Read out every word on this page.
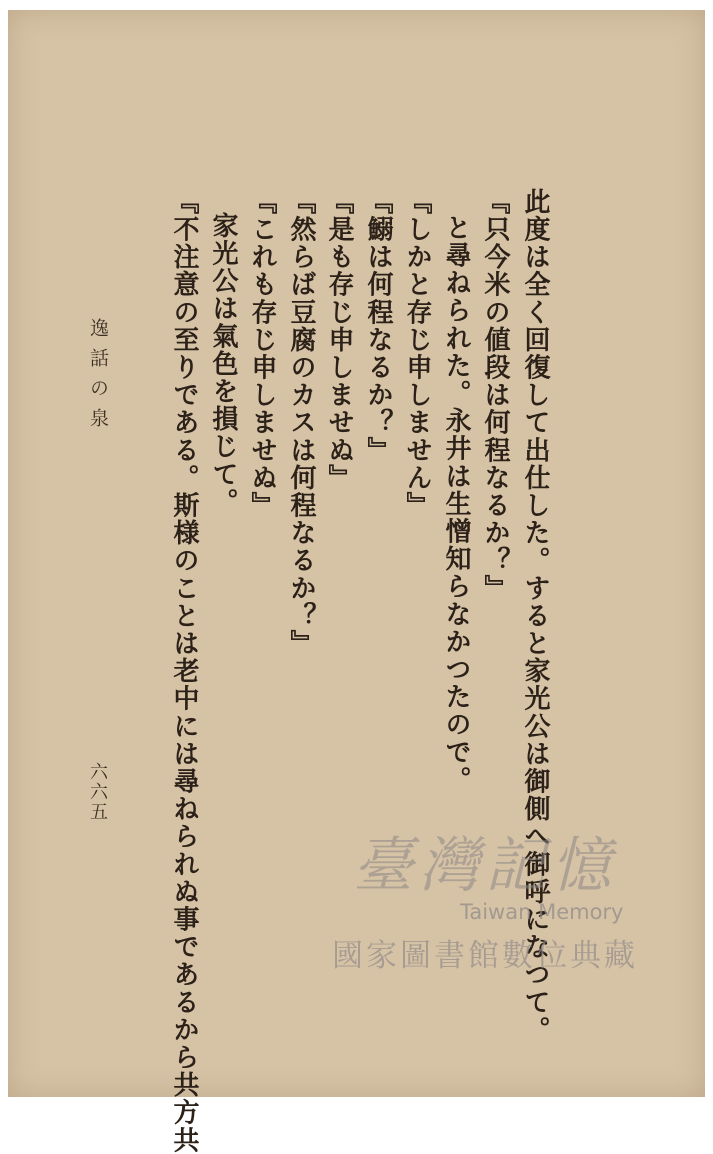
此度は全く回復して出仕した。すると家光公は御側へ御呼になつて。
『只今米の値段は何程なるか？』
と尋ねられた。永井は生憎知らなかつたので。
『しかと存じ申しません』
『鰯は何程なるか？』
『是も存じ申しませぬ』
『然らば豆腐のカスは何程なるか？』
『これも存じ申しませぬ』
家光公は氣色を損じて。
『不注意の至りである。斯様のことは老中には尋ねられぬ事であるから共方共
逸話の泉
六六五
臺灣記憶
Taiwan Memory
國家圖書館數位典藏
